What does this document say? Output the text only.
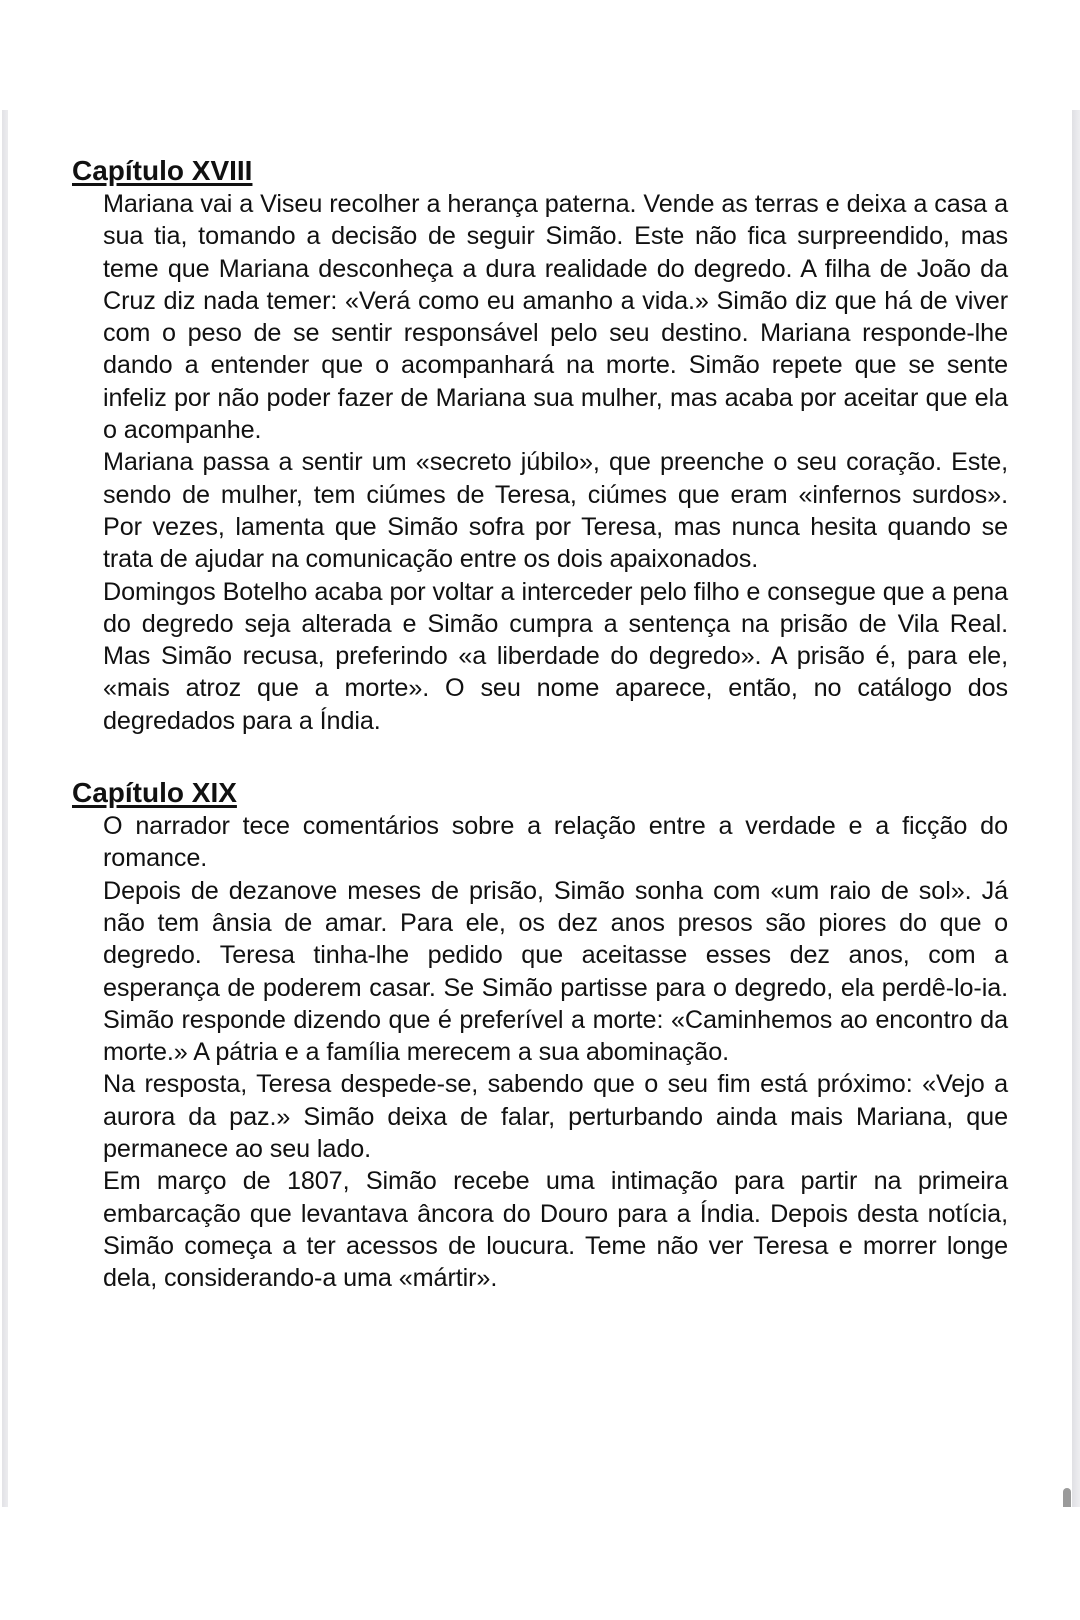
Capítulo XVIII

Mariana vai a Viseu recolher a herança paterna. Vende as terras e deixa a casa a sua tia, tomando a decisão de seguir Simão. Este não fica surpreendido, mas teme que Mariana desconheça a dura realidade do degredo. A filha de João da Cruz diz nada temer: «Verá como eu amanho a vida.» Simão diz que há de viver com o peso de se sentir responsável pelo seu destino. Mariana responde-lhe dando a entender que o acompanhará na morte. Simão repete que se sente infeliz por não poder fazer de Mariana sua mulher, mas acaba por aceitar que ela o acompanhe.

Mariana passa a sentir um «secreto júbilo», que preenche o seu coração. Este, sendo de mulher, tem ciúmes de Teresa, ciúmes que eram «infernos surdos». Por vezes, lamenta que Simão sofra por Teresa, mas nunca hesita quando se trata de ajudar na comunicação entre os dois apaixonados.

Domingos Botelho acaba por voltar a interceder pelo filho e consegue que a pena do degredo seja alterada e Simão cumpra a sentença na prisão de Vila Real. Mas Simão recusa, preferindo «a liberdade do degredo». A prisão é, para ele, «mais atroz que a morte». O seu nome aparece, então, no catálogo dos degredados para a Índia.

Capítulo XIX

O narrador tece comentários sobre a relação entre a verdade e a ficção do romance.

Depois de dezanove meses de prisão, Simão sonha com «um raio de sol». Já não tem ânsia de amar. Para ele, os dez anos presos são piores do que o degredo. Teresa tinha-lhe pedido que aceitasse esses dez anos, com a esperança de poderem casar. Se Simão partisse para o degredo, ela perdê-lo-ia. Simão responde dizendo que é preferível a morte: «Caminhemos ao encontro da morte.» A pátria e a família merecem a sua abominação.

Na resposta, Teresa despede-se, sabendo que o seu fim está próximo: «Vejo a aurora da paz.» Simão deixa de falar, perturbando ainda mais Mariana, que permanece ao seu lado.

Em março de 1807, Simão recebe uma intimação para partir na primeira embarcação que levantava âncora do Douro para a Índia. Depois desta notícia, Simão começa a ter acessos de loucura. Teme não ver Teresa e morrer longe dela, considerando-a uma «mártir».
